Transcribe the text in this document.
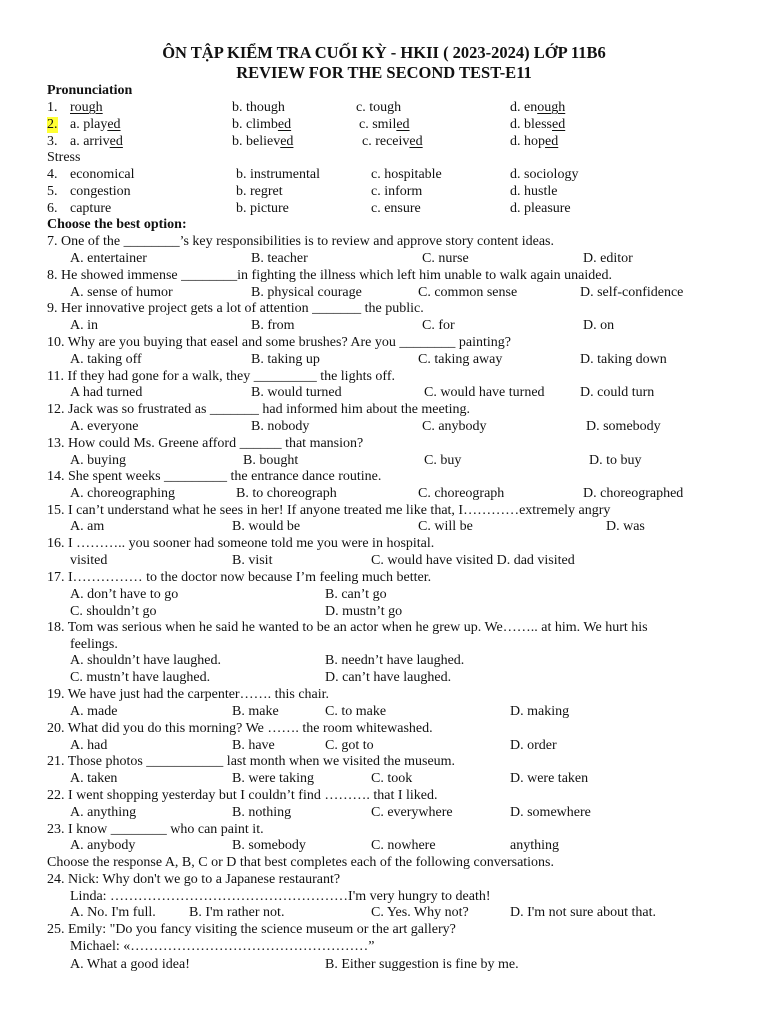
ÔN TẬP KIỂM TRA CUỐI KỲ - HKII ( 2023-2024) LỚP 11B6
REVIEW FOR THE SECOND TEST-E11
Pronunciation
1. rough	b. though	c. tough	d. enough
2. a. played	b. climbed	c. smiled	d. blessed
3. a. arrived	b. believed	c. received	d. hoped
Stress
4. economical	b. instrumental	c. hospitable	d. sociology
5. congestion	b. regret	c. inform	d. hustle
6. capture	b. picture	c. ensure	d. pleasure
Choose the best option:
7. One of the ________’s key responsibilities is to review and approve story content ideas.
A. entertainer	B. teacher	C. nurse	D. editor
8. He showed immense ________in fighting the illness which left him unable to walk again unaided.
A. sense of humor	B. physical courage	C. common sense	D. self-confidence
9. Her innovative project gets a lot of attention _______ the public.
A. in	B. from	C. for	D. on
10. Why are you buying that easel and some brushes? Are you ________ painting?
A. taking off	B. taking up	C. taking away	D. taking down
11. If they had gone for a walk, they _________ the lights off.
A had turned	B. would turned	C. would have turned	D. could turn
12. Jack was so frustrated as _______ had informed him about the meeting.
A. everyone	B. nobody	C. anybody	D. somebody
13. How could Ms. Greene afford ______ that mansion?
A. buying	B. bought	C. buy	D. to buy
14. She spent weeks _________ the entrance dance routine.
A. choreographing	B. to choreograph	C. choreograph	D. choreographed
15. I can’t understand what he sees in her! If anyone treated me like that, I…………extremely angry
A. am	B. would be	C. will be	D. was
16. I ……….. you sooner had someone told me you were in hospital.
visited	B. visit	C. would have visited D. dad visited
17. I…………… to the doctor now because I’m feeling much better.
A. don’t have to go	B. can’t go
C. shouldn’t go	D. mustn’t go
18. Tom was serious when he said he wanted to be an actor when he grew up. We…….. at him. We hurt his
feelings.
A. shouldn’t have laughed.	B. needn’t have laughed.
C. mustn’t have laughed.	D. can’t have laughed.
19. We have just had the carpenter……. this chair.
A. made	B. make	C. to make	D. making
20. What did you do this morning? We ……. the room whitewashed.
A. had	B. have	C. got to	D. order
21. Those photos ___________ last month when we visited the museum.
A. taken	B. were taking	C. took	D. were taken
22. I went shopping yesterday but I couldn’t find ………. that I liked.
A. anything	B. nothing	C. everywhere	D. somewhere
23. I know ________ who can paint it.
A. anybody	B. somebody	C. nowhere	anything
Choose the response A, B, C or D that best completes each of the following conversations.
24. Nick: Why don't we go to a Japanese restaurant?
Linda: ……………………………………………I'm very hungry to death!
A. No. I'm full. B. I'm rather not.	C. Yes. Why not?	D. I'm not sure about that.
25. Emily: "Do you fancy visiting the science museum or the art gallery?
Michael: «……………………………………………”
A. What a good idea!	B. Either suggestion is fine by me.
